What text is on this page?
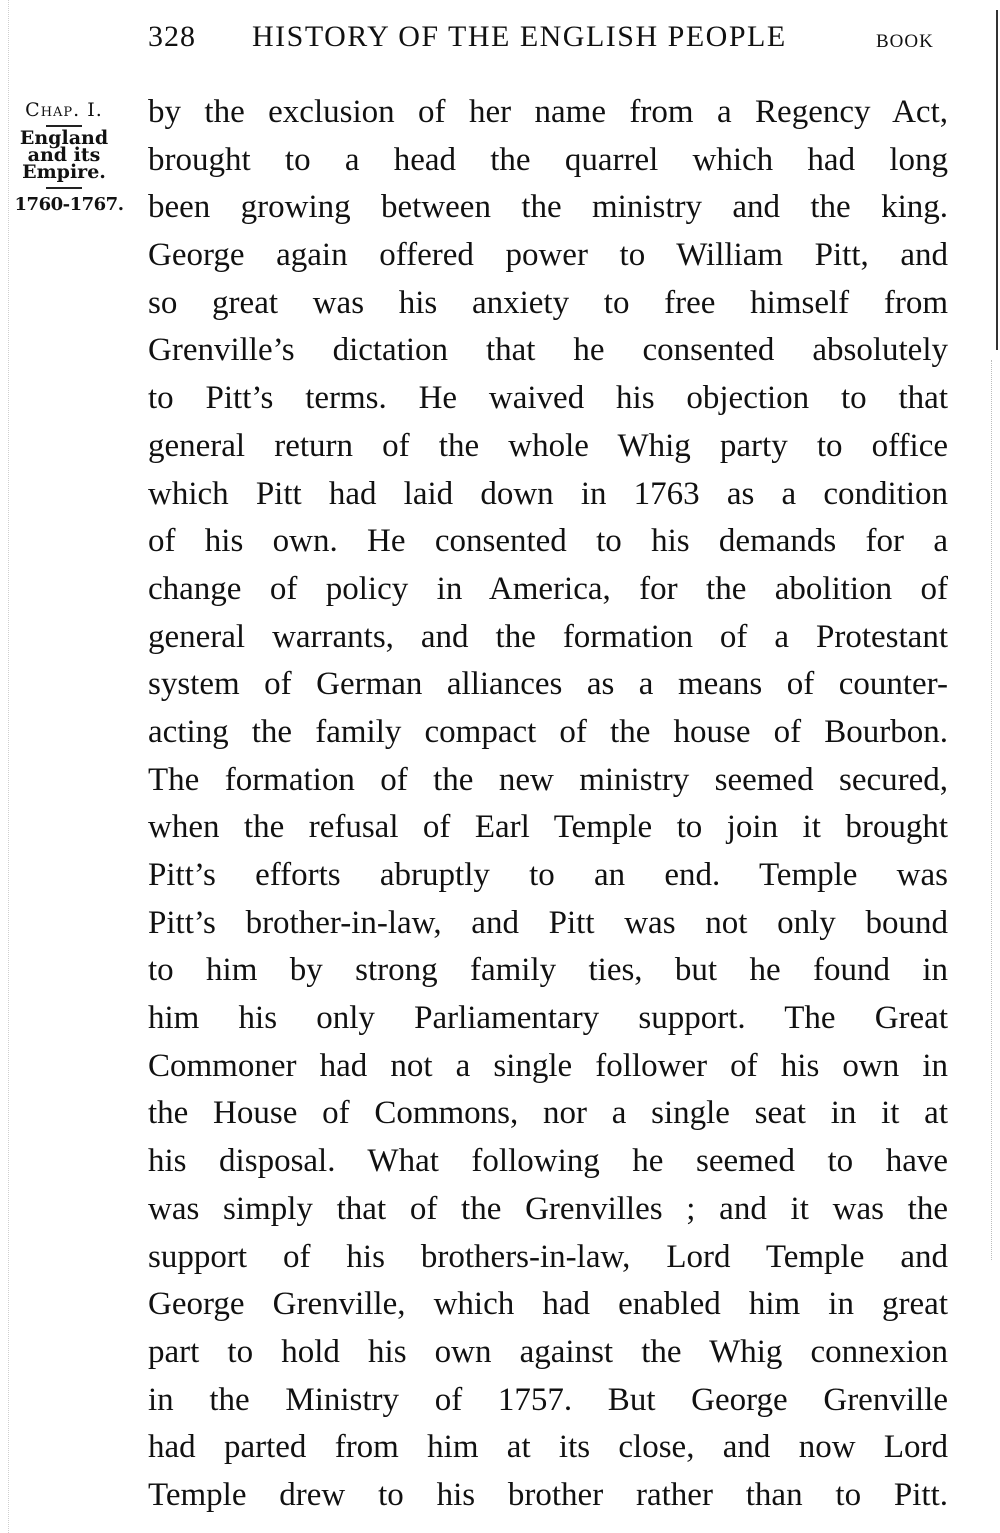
328 HISTORY OF THE ENGLISH PEOPLE	BOOK
Chap. I.
England
and its
Empire.
1760-1767.
by the exclusion of her name from a Regency Act,
brought to a head the quarrel which had long
been growing between the ministry and the king.
George again offered power to William Pitt, and
so great was his anxiety to free himself from
Grenville’s dictation that he consented absolutely
to Pitt’s terms. He waived his objection to that
general return of the whole Whig party to office
which Pitt had laid down in 1763 as a condition
of his own. He consented to his demands for a
change of policy in America, for the abolition of
general warrants, and the formation of a Protestant
system of German alliances as a means of counter-
acting the family compact of the house of Bourbon.
The formation of the new ministry seemed secured,
when the refusal of Earl Temple to join it brought
Pitt’s efforts abruptly to an end. Temple was
Pitt’s brother-in-law, and Pitt was not only bound
to him by strong family ties, but he found in
him his only Parliamentary support. The Great
Commoner had not a single follower of his own in
the House of Commons, nor a single seat in it at
his disposal. What following he seemed to have
was simply that of the Grenvilles ; and it was the
support of his brothers-in-law, Lord Temple and
George Grenville, which had enabled him in great
part to hold his own against the Whig connexion
in the Ministry of 1757. But George Grenville
had parted from him at its close, and now Lord
Temple drew to his brother rather than to Pitt.
